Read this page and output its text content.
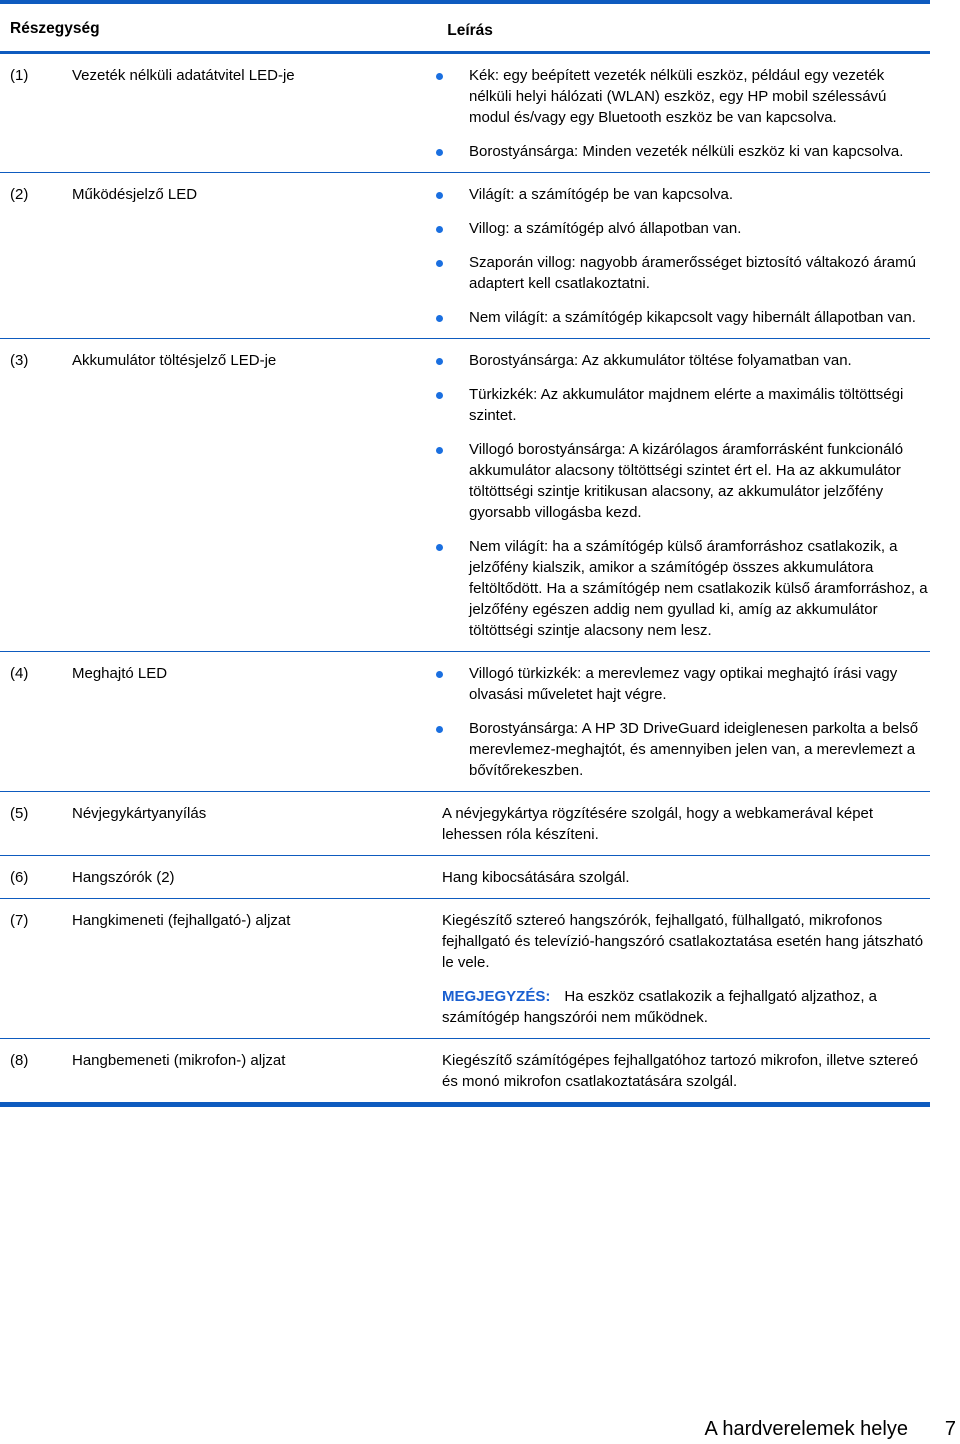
Részegység	Leírás
(1)	Vezeték nélküli adatátvitel LED-je	Kék: egy beépített vezeték nélküli eszköz, például egy vezeték nélküli helyi hálózati (WLAN) eszköz, egy HP mobil szélessávú modul és/vagy egy Bluetooth eszköz be van kapcsolva.
Borostyánsárga: Minden vezeték nélküli eszköz ki van kapcsolva.
(2)	Működésjelző LED	Világít: a számítógép be van kapcsolva.
Villog: a számítógép alvó állapotban van.
Szaporán villog: nagyobb áramerősséget biztosító váltakozó áramú adaptert kell csatlakoztatni.
Nem világít: a számítógép kikapcsolt vagy hibernált állapotban van.
(3)	Akkumulátor töltésjelző LED-je	Borostyánsárga: Az akkumulátor töltése folyamatban van.
Türkizkék: Az akkumulátor majdnem elérte a maximális töltöttségi szintet.
Villogó borostyánsárga: A kizárólagos áramforrásként funkcionáló akkumulátor alacsony töltöttségi szintet ért el. Ha az akkumulátor töltöttségi szintje kritikusan alacsony, az akkumulátor jelzőfény gyorsabb villogásba kezd.
Nem világít: ha a számítógép külső áramforráshoz csatlakozik, a jelzőfény kialszik, amikor a számítógép összes akkumulátora feltöltődött. Ha a számítógép nem csatlakozik külső áramforráshoz, a jelzőfény egészen addig nem gyullad ki, amíg az akkumulátor töltöttségi szintje alacsony nem lesz.
(4)	Meghajtó LED	Villogó türkizkék: a merevlemez vagy optikai meghajtó írási vagy olvasási műveletet hajt végre.
Borostyánsárga: A HP 3D DriveGuard ideiglenesen parkolta a belső merevlemez-meghajtót, és amennyiben jelen van, a merevlemezt a bővítőrekeszben.
(5)	Névjegykártyanyílás	A névjegykártya rögzítésére szolgál, hogy a webkamerával képet lehessen róla készíteni.
(6)	Hangszórók (2)	Hang kibocsátására szolgál.
(7)	Hangkimeneti (fejhallgató-) aljzat	Kiegészítő sztereó hangszórók, fejhallgató, fülhallgató, mikrofonos fejhallgató és televízió-hangszóró csatlakoztatása esetén hang játszható le vele.

MEGJEGYZÉS: Ha eszköz csatlakozik a fejhallgató aljzathoz, a számítógép hangszórói nem működnek.

(8)	Hangbemeneti (mikrofon-) aljzat	Kiegészítő számítógépes fejhallgatóhoz tartozó mikrofon, illetve sztereó és monó mikrofon csatlakoztatására szolgál.
A hardverelemek helye 7
